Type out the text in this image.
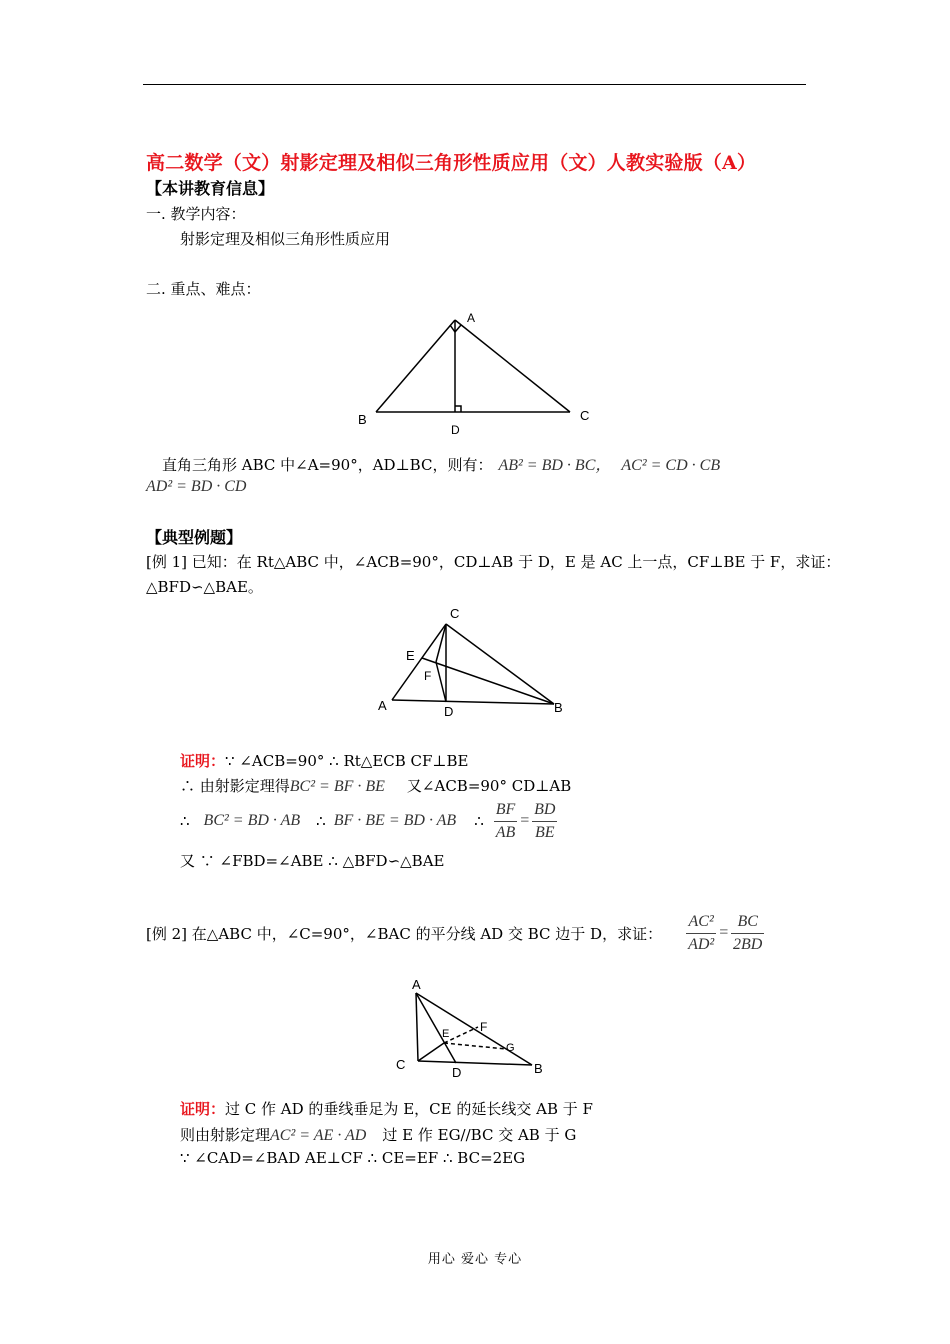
高二数学（文）射影定理及相似三角形性质应用（文）人教实验版（A）
【本讲教育信息】
一. 教学内容：
射影定理及相似三角形性质应用
二. 重点、难点：
A
B	C
D
直角三角形 ABC 中∠A=90°，AD⊥BC，则有： AB² = BD · BC， AC² = CD · CB
AD² = BD · CD
【典型例题】
[例 1] 已知：在 Rt△ABC 中，∠ACB=90°，CD⊥AB 于 D，E 是 AC 上一点，CF⊥BE 于 F，求证：
△BFD∽△BAE。
C
E
F
A	D	B
证明：∵ ∠ACB=90° ∴ Rt△ECB CF⊥BE
∴ 由射影定理得BC² = BF · BE 又∠ACB=90° CD⊥AB
∴ BC² = BD · AB ∴ BF · BE = BD · AB ∴ $\frac{BF}{AB} = \frac{BD}{BE}$
又 ∵ ∠FBD=∠ABE ∴ △BFD∽△BAE
[例 2] 在△ABC 中，∠C=90°，∠BAC 的平分线 AD 交 BC 边于 D，求证： $\frac{\text{AC²}}{\text{AD²}} = \frac{BC}{2BD}$
A
E	F
G
C
D	B
证明：过 C 作 AD 的垂线垂足为 E，CE 的延长线交 AB 于 F
则由射影定理AC² = AE · AD 过 E 作 EG//BC 交 AB 于 G
∵ ∠CAD=∠BAD AE⊥CF ∴ CE=EF ∴ BC=2EG
用心 爱心 专心
